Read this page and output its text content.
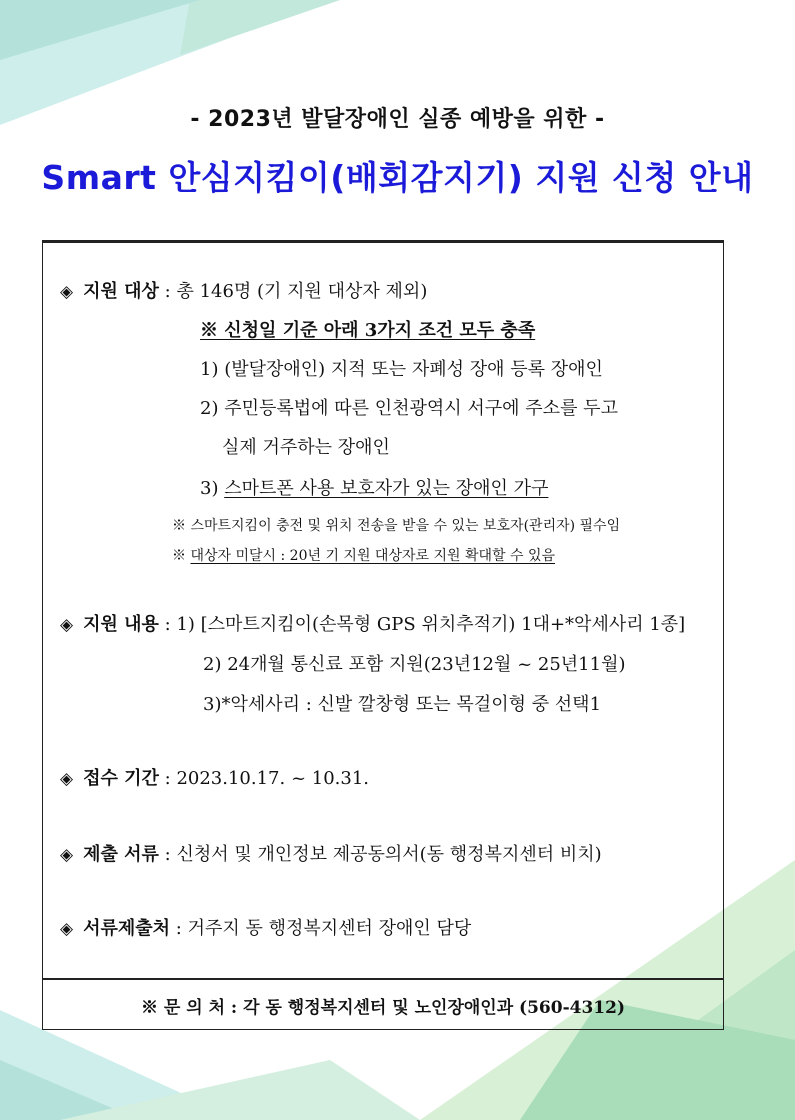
- 2023년 발달장애인 실종 예방을 위한 -
Smart 안심지킴이(배회감지기) 지원 신청 안내
◈ 지원 대상 : 총 146명 (기 지원 대상자 제외)
※ 신청일 기준 아래 3가지 조건 모두 충족
1) (발달장애인) 지적 또는 자폐성 장애 등록 장애인
2) 주민등록법에 따른 인천광역시 서구에 주소를 두고
실제 거주하는 장애인
3) 스마트폰 사용 보호자가 있는 장애인 가구
※ 스마트지킴이 충전 및 위치 전송을 받을 수 있는 보호자(관리자) 필수임
※ 대상자 미달시 : 20년 기 지원 대상자로 지원 확대할 수 있음
◈ 지원 내용 : 1) [스마트지킴이(손목형 GPS 위치추적기) 1대+*악세사리 1종]
2) 24개월 통신료 포함 지원(23년12월 ~ 25년11월)
3)*악세사리 : 신발 깔창형 또는 목걸이형 중 선택1
◈ 접수 기간 : 2023.10.17. ~ 10.31.
◈ 제출 서류 : 신청서 및 개인정보 제공동의서(동 행정복지센터 비치)
◈ 서류제출처 : 거주지 동 행정복지센터 장애인 담당
※ 문 의 처 : 각 동 행정복지센터 및 노인장애인과 (560-4312)
